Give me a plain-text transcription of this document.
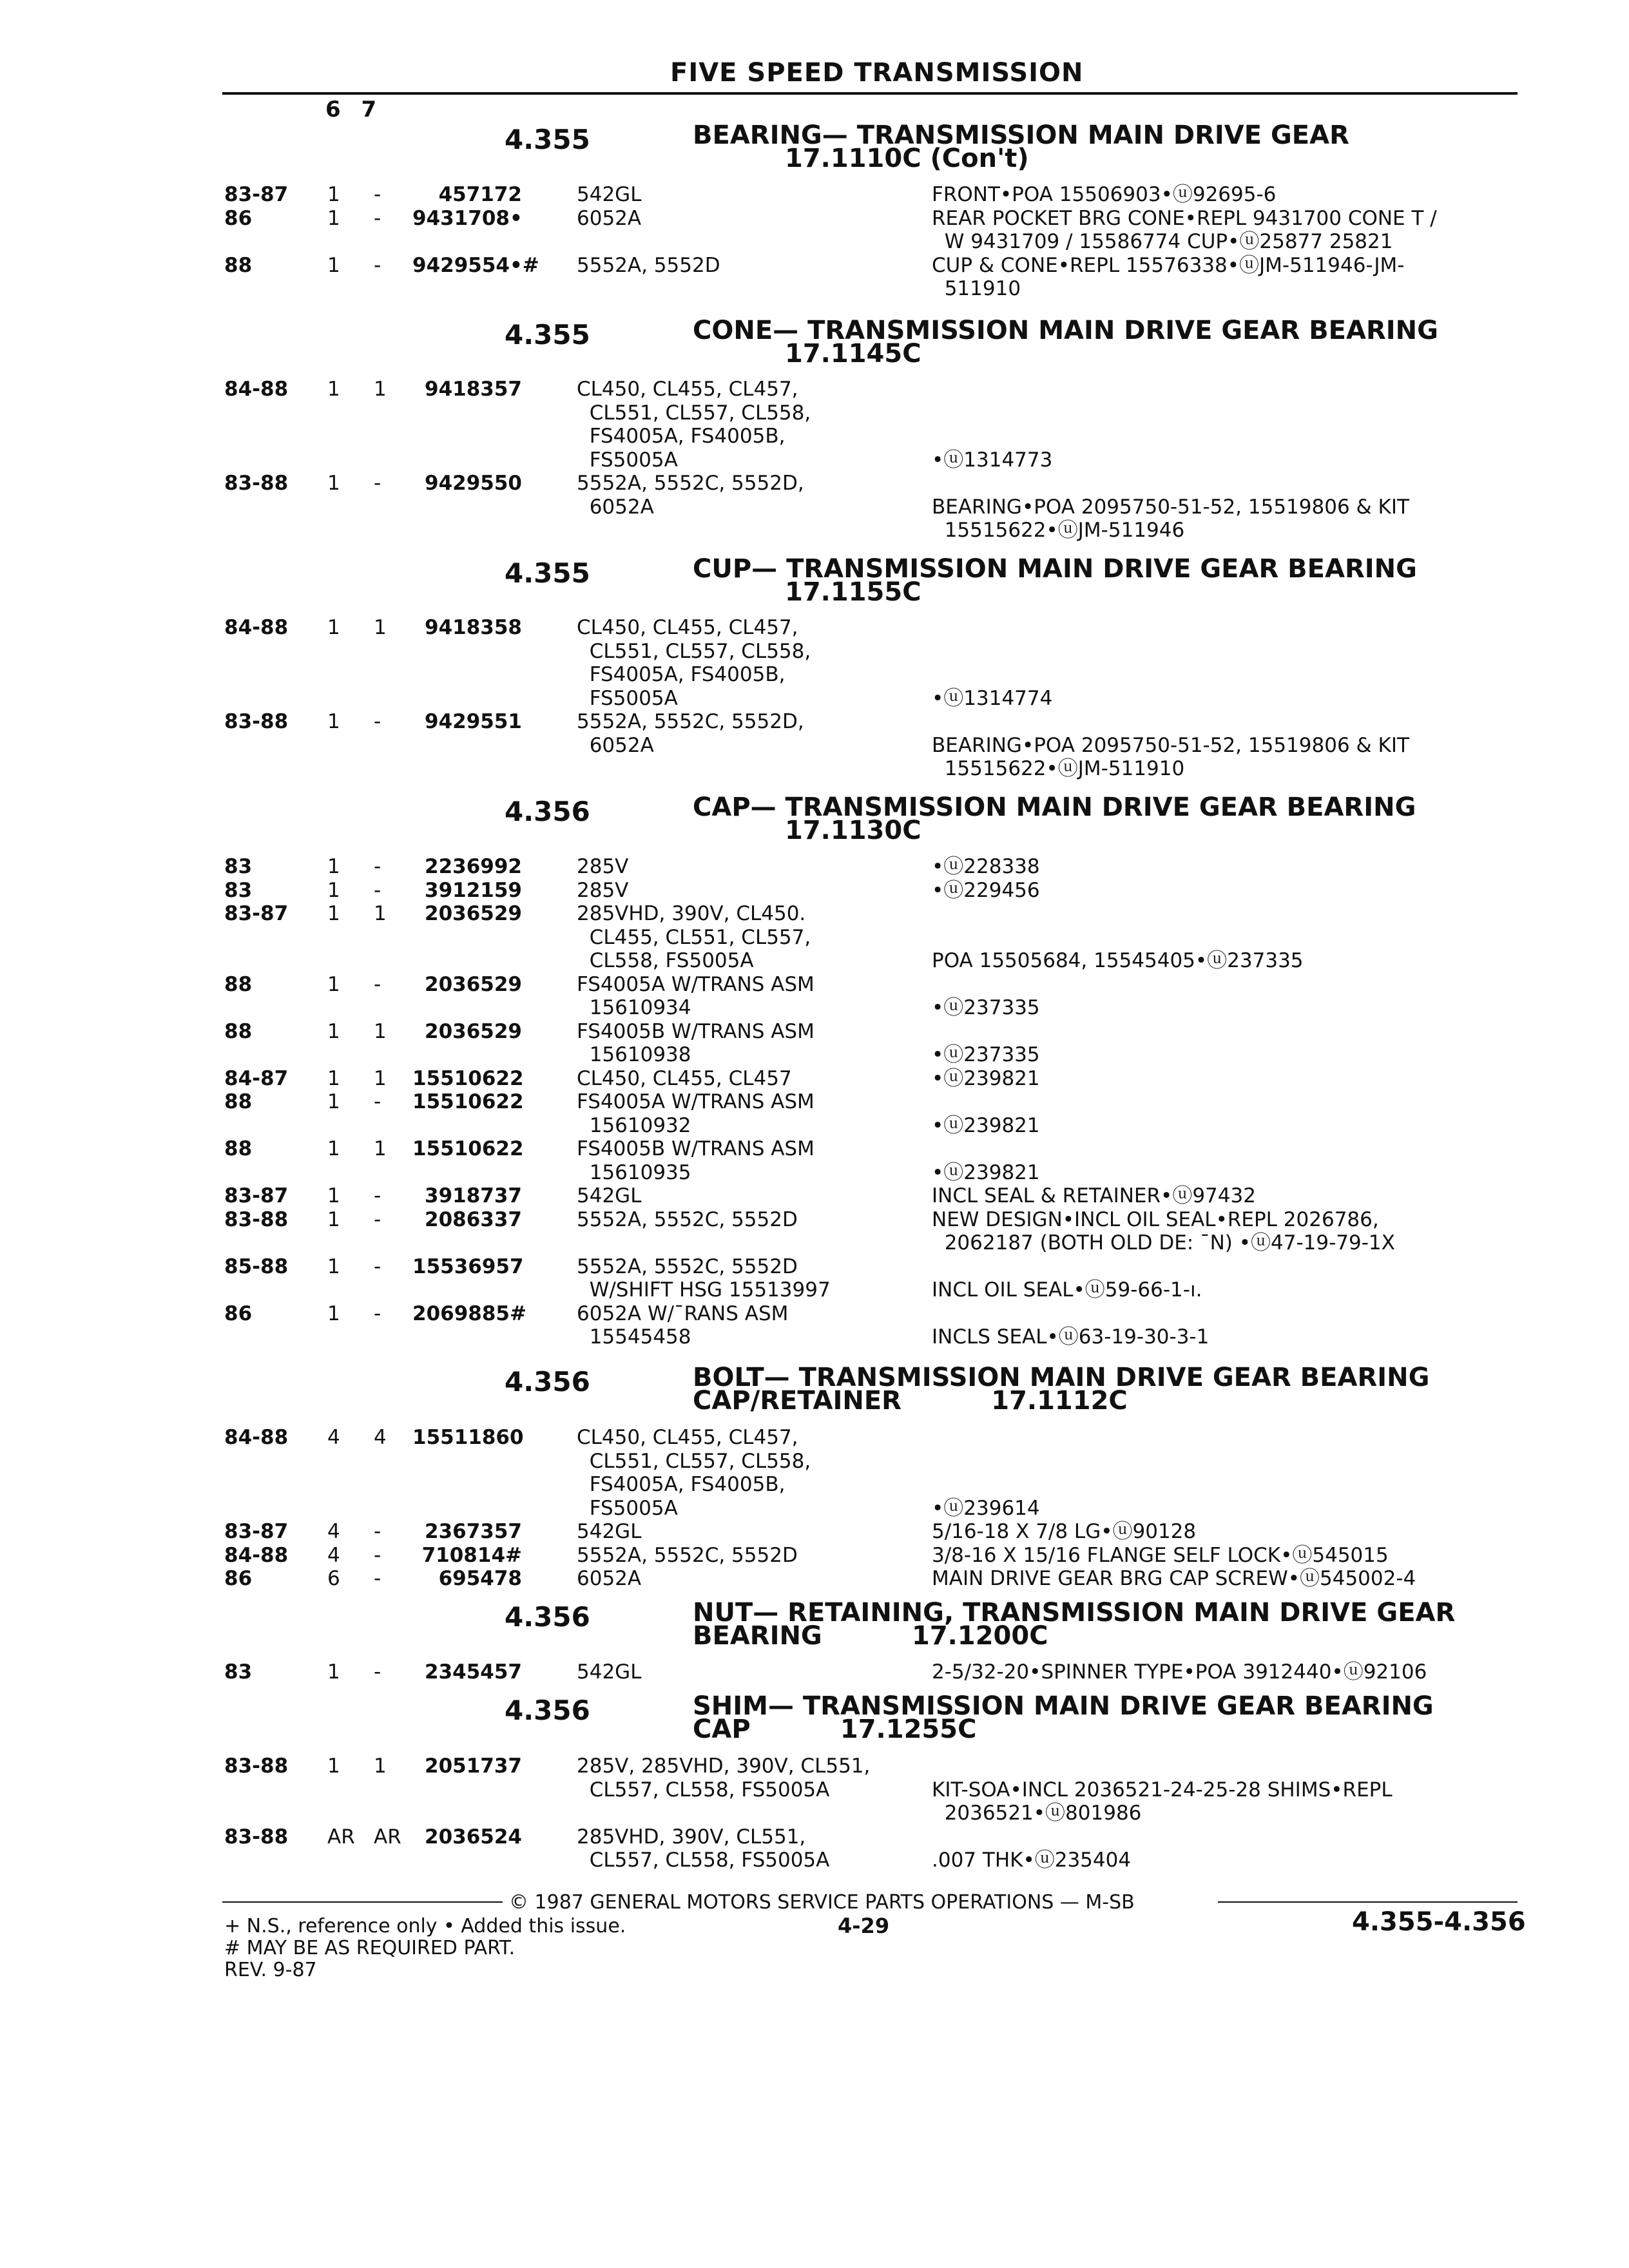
FIVE SPEED TRANSMISSION
6 7
4.355	BEARING— TRANSMISSION MAIN DRIVE GEAR
17.1110C (Con't)
83-87 1 -	457172	542GL	FRONT•POA 15506903•ⓤ92695-6
86	1 - 9431708•	6052A	REAR POCKET BRG CONE•REPL 9431700 CONE T /
W 9431709 / 15586774 CUP•ⓤ25877 25821
88	1 - 9429554•# 5552A, 5552D	CUP & CONE•REPL 15576338•ⓤJM-511946-JM-
511910
4.355	CONE— TRANSMISSION MAIN DRIVE GEAR BEARING
17.1145C
84-88 1 1	9418357	CL450, CL455, CL457,
CL551, CL557, CL558,
FS4005A, FS4005B,
FS5005A	•ⓤ1314773
83-88 1 -	9429550	5552A, 5552C, 5552D,
6052A	BEARING•POA 2095750-51-52, 15519806 & KIT
15515622•ⓤJM-511946
4.355	CUP— TRANSMISSION MAIN DRIVE GEAR BEARING
17.1155C
84-88 1 1	9418358	CL450, CL455, CL457,
CL551, CL557, CL558,
FS4005A, FS4005B,
FS5005A	•ⓤ1314774
83-88 1 -	9429551	5552A, 5552C, 5552D,
6052A	BEARING•POA 2095750-51-52, 15519806 & KIT
15515622•ⓤJM-511910
4.356	CAP— TRANSMISSION MAIN DRIVE GEAR BEARING
17.1130C
83	1 -	2236992	285V	•ⓤ228338
83	1 -	3912159	285V	•ⓤ229456
83-87 1 1	2036529	285VHD, 390V, CL450.
CL455, CL551, CL557,
CL558, FS5005A	POA 15505684, 15545405•ⓤ237335
88	1 -	2036529	FS4005A W/TRANS ASM
15610934	•ⓤ237335
88	1 1	2036529	FS4005B W/TRANS ASM
15610938	•ⓤ237335
84-87 1 1 15510622	CL450, CL455, CL457	•ⓤ239821
88	1 - 15510622	FS4005A W/TRANS ASM
15610932	•ⓤ239821
88	1 1 15510622	FS4005B W/TRANS ASM
15610935	•ⓤ239821
83-87 1 -	3918737	542GL	INCL SEAL & RETAINER•ⓤ97432
83-88 1 -	2086337	5552A, 5552C, 5552D	NEW DESIGN•INCL OIL SEAL•REPL 2026786,
2062187 (BOTH OLD DE: ¯N) •ⓤ47-19-79-1X
85-88 1 - 15536957	5552A, 5552C, 5552D
W/SHIFT HSG 15513997	INCL OIL SEAL•ⓤ59-66-1-ı.
86	1 - 2069885#	6052A W/¯RANS ASM
15545458	INCLS SEAL•ⓤ63-19-30-3-1
4.356	BOLT— TRANSMISSION MAIN DRIVE GEAR BEARING
CAP/RETAINER          17.1112C
84-88 4 4 15511860	CL450, CL455, CL457,
CL551, CL557, CL558,
FS4005A, FS4005B,
FS5005A	•ⓤ239614
83-87 4 -	2367357	542GL	5/16-18 X 7/8 LG•ⓤ90128
84-88 4 -	710814#	5552A, 5552C, 5552D	3/8-16 X 15/16 FLANGE SELF LOCK•ⓤ545015
86	6 -	695478	6052A	MAIN DRIVE GEAR BRG CAP SCREW•ⓤ545002-4
4.356	NUT— RETAINING, TRANSMISSION MAIN DRIVE GEAR
BEARING          17.1200C
83	1 -	2345457	542GL	2-5/32-20•SPINNER TYPE•POA 3912440•ⓤ92106
4.356	SHIM— TRANSMISSION MAIN DRIVE GEAR BEARING
CAP          17.1255C
83-88 1 1	2051737	285V, 285VHD, 390V, CL551,
CL557, CL558, FS5005A	KIT-SOA•INCL 2036521-24-25-28 SHIMS•REPL
2036521•ⓤ801986
83-88 AR AR	2036524	285VHD, 390V, CL551,
CL557, CL558, FS5005A	.007 THK•ⓤ235404
© 1987 GENERAL MOTORS SERVICE PARTS OPERATIONS — M-SB
+ N.S., reference only • Added this issue.
# MAY BE AS REQUIRED PART.
REV. 9-87
4-29	4.355-4.356
